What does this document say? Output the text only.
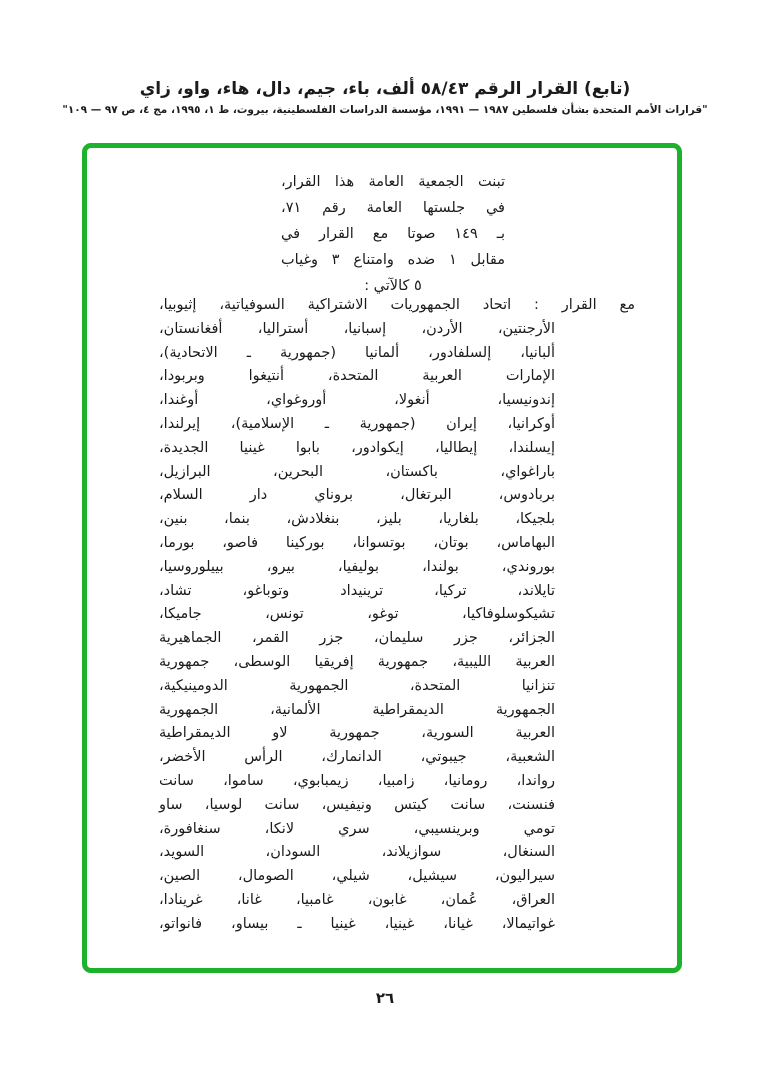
(تابع) القرار الرقم ٥٨/٤٣ ألف، باء، جيم، دال، هاء، واو، زاي
"قرارات الأمم المتحدة بشأن فلسطين ١٩٨٧ — ١٩٩١، مؤسسة الدراسات الفلسطينية، بيروت، ط ١، ١٩٩٥، مج ٤، ص ٩٧ — ١٠٩"
تبنت الجمعية العامة هذا القرار،
في جلستها العامة رقم ٧١،
بـ ١٤٩ صوتا مع القرار في
مقابل ١ ضده وامتناع ٣ وغياب
٥ كالآتي :
مع القرار : اتحاد الجمهوريات الاشتراكية السوفياتية، إثيوبيا،
الأرجنتين، الأردن، إسبانيا، أستراليا، أفغانستان،
ألبانيا، إلسلفادور، ألمانيا (جمهورية ـ الاتحادية)،
الإمارات العربية المتحدة، أنتيغوا وبربودا،
إندونيسيا، أنغولا، أوروغواي، أوغندا،
أوكرانيا، إيران (جمهورية ـ الإسلامية)، إيرلندا،
إيسلندا، إيطاليا، إيكوادور، بابوا غينيا الجديدة،
باراغواي، باكستان، البحرين، البرازيل،
بربادوس، البرتغال، بروناي دار السلام،
بلجيكا، بلغاريا، بليز، بنغلادش، بنما، بنين،
البهاماس، بوتان، بوتسوانا، بوركينا فاصو، بورما،
بوروندي، بولندا، بوليفيا، بيرو، بييلوروسيا،
تايلاند، تركيا، ترينيداد وتوباغو، تشاد،
تشيكوسلوفاكيا، توغو، تونس، جاميكا،
الجزائر، جزر سليمان، جزر القمر، الجماهيرية
العربية الليبية، جمهورية إفريقيا الوسطى، جمهورية
تنزانيا المتحدة، الجمهورية الدومينيكية،
الجمهورية الديمقراطية الألمانية، الجمهورية
العربية السورية، جمهورية لاو الديمقراطية
الشعبية، جيبوتي، الدانمارك، الرأس الأخضر،
رواندا، رومانيا، زامبيا، زيمبابوي، ساموا، سانت
فنسنت، سانت كيتس ونيفيس، سانت لوسيا، ساو
تومي وبرينسيبي، سري لانكا، سنغافورة،
السنغال، سوازيلاند، السودان، السويد،
سيراليون، سيشيل، شيلي، الصومال، الصين،
العراق، عُمان، غابون، غامبيا، غانا، غرينادا،
غواتيمالا، غيانا، غينيا، غينيا ـ بيساو، فانواتو،
٢٦
